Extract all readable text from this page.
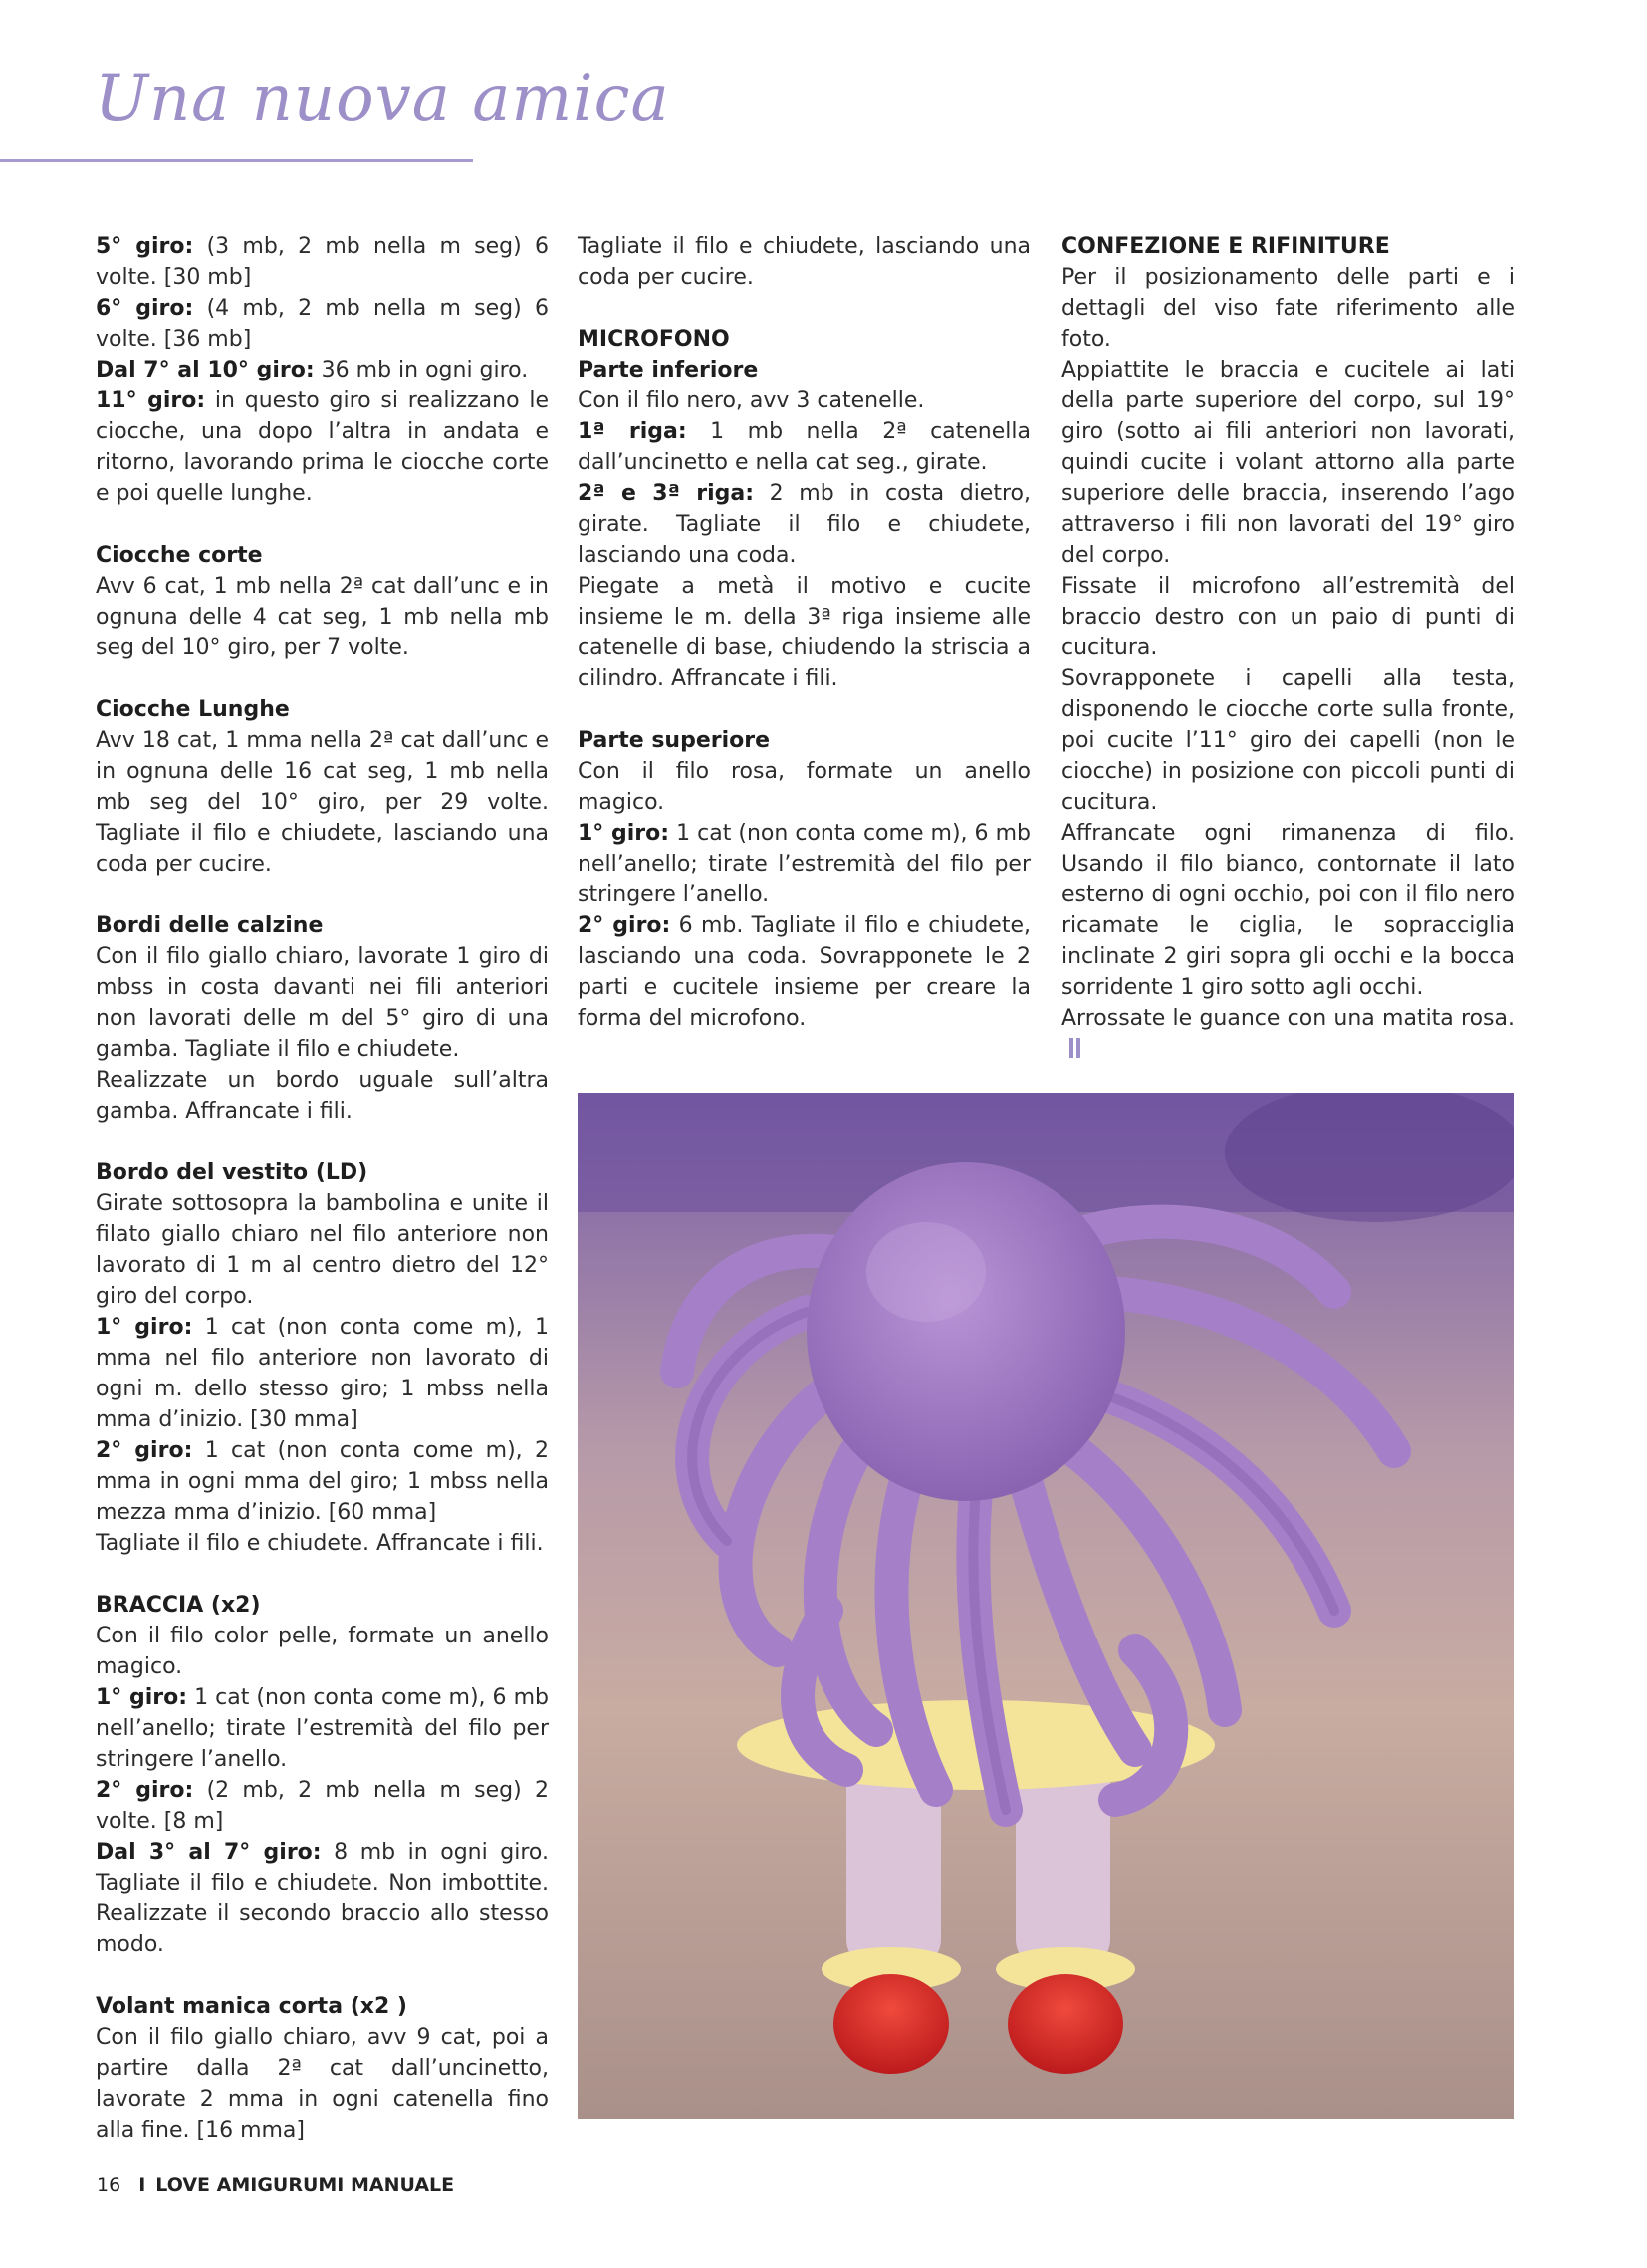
Una nuova amica

5° giro: (3 mb, 2 mb nella m seg) 6 volte. [30 mb]

6° giro: (4 mb, 2 mb nella m seg) 6 volte. [36 mb]

Dal 7° al 10° giro: 36 mb in ogni giro.

11° giro: in questo giro si realizzano le ciocche, una dopo l’altra in andata e ritorno, lavorando prima le ciocche corte e poi quelle lunghe.

Ciocche corte

Avv 6 cat, 1 mb nella 2ª cat dall’unc e in ognuna delle 4 cat seg, 1 mb nella mb seg del 10° giro, per 7 volte.

Ciocche Lunghe

Avv 18 cat, 1 mma nella 2ª cat dall’unc e in ognuna delle 16 cat seg, 1 mb nella mb seg del 10° giro, per 29 volte. Tagliate il filo e chiudete, lasciando una coda per cucire.

Bordi delle calzine

Con il filo giallo chiaro, lavorate 1 giro di mbss in costa davanti nei fili anteriori non lavorati delle m del 5° giro di una gamba. Tagliate il filo e chiudete.

Realizzate un bordo uguale sull’altra gamba. Affrancate i fili.

Bordo del vestito (LD)

Girate sottosopra la bambolina e unite il filato giallo chiaro nel filo anteriore non lavorato di 1 m al centro dietro del 12° giro del corpo.

1° giro: 1 cat (non conta come m), 1 mma nel filo anteriore non lavorato di ogni m. dello stesso giro; 1 mbss nella mma d’inizio. [30 mma]

2° giro: 1 cat (non conta come m), 2 mma in ogni mma del giro; 1 mbss nella mezza mma d’inizio. [60 mma]

Tagliate il filo e chiudete. Affrancate i fili.

BRACCIA (x2)

Con il filo color pelle, formate un anello magico.

1° giro: 1 cat (non conta come m), 6 mb nell’anello; tirate l’estremità del filo per stringere l’anello.

2° giro: (2 mb, 2 mb nella m seg) 2 volte. [8 m]

Dal 3° al 7° giro: 8 mb in ogni giro. Tagliate il filo e chiudete. Non imbottite. Realizzate il secondo braccio allo stesso modo.

Volant manica corta (x2 )

Con il filo giallo chiaro, avv 9 cat, poi a partire dalla 2ª cat dall’uncinetto, lavorate 2 mma in ogni catenella fino alla fine. [16 mma]

Tagliate il filo e chiudete, lasciando una coda per cucire.

MICROFONO
Parte inferiore

Con il filo nero, avv 3 catenelle.

1ª riga: 1 mb nella 2ª catenella dall’uncinetto e nella cat seg., girate.

2ª e 3ª riga: 2 mb in costa dietro, girate. Tagliate il filo e chiudete, lasciando una coda.

Piegate a metà il motivo e cucite insieme le m. della 3ª riga insieme alle catenelle di base, chiudendo la striscia a cilindro. Affrancate i fili.

Parte superiore

Con il filo rosa, formate un anello magico.

1° giro: 1 cat (non conta come m), 6 mb nell’anello; tirate l’estremità del filo per stringere l’anello.

2° giro: 6 mb. Tagliate il filo e chiudete, lasciando una coda. Sovrapponete le 2 parti e cucitele insieme per creare la forma del microfono.

CONFEZIONE E RIFINITURE

Per il posizionamento delle parti e i dettagli del viso fate riferimento alle foto.

Appiattite le braccia e cucitele ai lati della parte superiore del corpo, sul 19° giro (sotto ai fili anteriori non lavorati, quindi cucite i volant attorno alla parte superiore delle braccia, inserendo l’ago attraverso i fili non lavorati del 19° giro del corpo.

Fissate il microfono all’estremità del braccio destro con un paio di punti di cucitura.

Sovrapponete i capelli alla testa, disponendo le ciocche corte sulla fronte, poi cucite l’11° giro dei capelli (non le ciocche) in posizione con piccoli punti di cucitura.

Affrancate ogni rimanenza di filo. Usando il filo bianco, contornate il lato esterno di ogni occhio, poi con il filo nero ricamate le ciglia, le sopracciglia inclinate 2 giri sopra gli occhi e la bocca sorridente 1 giro sotto agli occhi.

Arrossate le guance con una matita rosa.

16 I LOVE AMIGURUMI MANUALE
